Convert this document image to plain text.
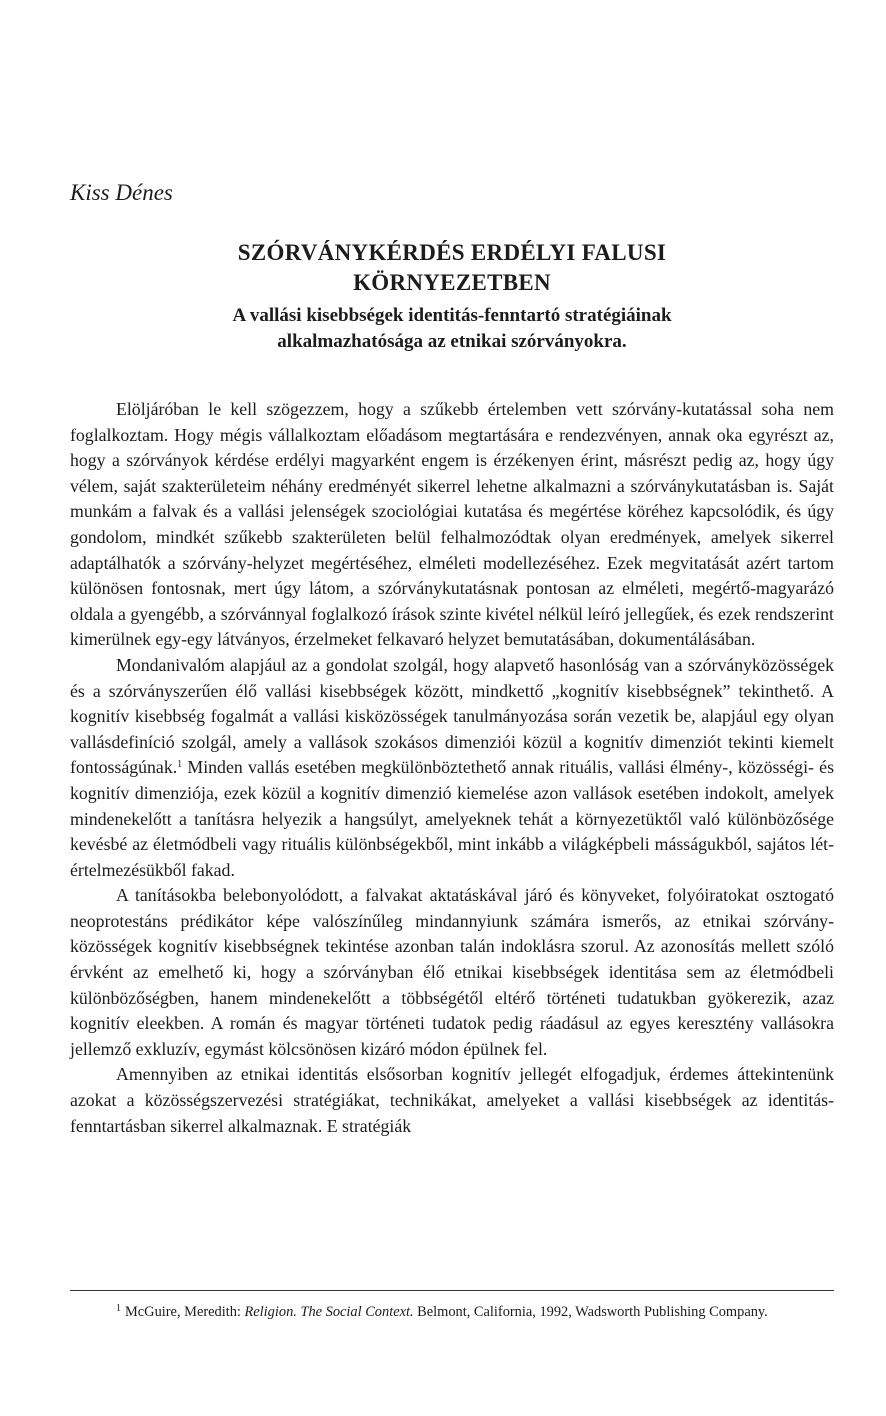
Kiss Dénes

SZÓRVÁNYKÉRDÉS ERDÉLYI FALUSI
KÖRNYEZETBEN
A vallási kisebbségek identitás-fenntartó stratégiáinak
alkalmazhatósága az etnikai szórványokra.

Elöljáróban le kell szögezzem, hogy a szűkebb értelemben vett szórvány-kutatással soha nem foglalkoztam. Hogy mégis vállalkoztam előadásom megtartására e rendezvényen, annak oka egyrészt az, hogy a szórványok kérdése erdélyi magyarként engem is érzékenyen érint, másrészt pedig az, hogy úgy vélem, saját szakterületeim néhány eredményét sikerrel lehetne alkalmazni a szórványkutatásban is. Saját munkám a falvak és a vallási jelenségek szociológiai kutatása és megértése köréhez kapcsolódik, és úgy gondolom, mindkét szűkebb szakterületen belül felhalmozódtak olyan eredmények, amelyek sikerrel adaptálhatók a szórvány-helyzet megértéséhez, elméleti modellezéséhez. Ezek megvitatását azért tartom különösen fontosnak, mert úgy látom, a szórványkutatásnak pontosan az elméleti, megértő-magyarázó oldala a gyengébb, a szórvánnyal foglalkozó írások szinte kivétel nélkül leíró jellegűek, és ezek rendszerint kimerülnek egy-egy látványos, érzelmeket felkavaró helyzet bemutatásában, dokumentálásában.

Mondanivalóm alapjául az a gondolat szolgál, hogy alapvető hasonlóság van a szórványközösségek és a szórványszerűen élő vallási kisebbségek között, mindkettő „kognitív kisebbségnek” tekinthető. A kognitív kisebbség fogalmát a vallási kisközösségek tanulmányozása során vezetik be, alapjául egy olyan vallásdefiníció szolgál, amely a vallások szokásos dimenziói közül a kognitív dimenziót tekinti kiemelt fontosságúnak.$^1$ Minden vallás esetében megkülönböztethető annak rituális, vallási élmény-, közösségi- és kognitív dimenziója, ezek közül a kognitív dimenzió kiemelése azon vallások esetében indokolt, amelyek mindenekelőtt a tanításra helyezik a hangsúlyt, amelyeknek tehát a környezetüktől való különbözősége kevésbé az életmódbeli vagy rituális különbségekből, mint inkább a világképbeli másságukból, sajátos lét-értelmezésükből fakad.

A tanításokba belebonyolódott, a falvakat aktatáskával járó és könyveket, folyóiratokat osztogató neoprotestáns prédikátor képe valószínűleg mindannyiunk számára ismerős, az etnikai szórvány-közösségek kognitív kisebbségnek tekintése azonban talán indoklásra szorul. Az azonosítás mellett szóló érvként az emelhető ki, hogy a szórványban élő etnikai kisebbségek identitása sem az életmódbeli különbözőségben, hanem mindenekelőtt a többségétől eltérő történeti tudatukban gyökerezik, azaz kognitív eleekben. A román és magyar történeti tudatok pedig ráadásul az egyes keresztény vallásokra jellemző exkluzív, egymást kölcsönösen kizáró módon épülnek fel.

Amennyiben az etnikai identitás elsősorban kognitív jellegét elfogadjuk, érdemes áttekintenünk azokat a közösségszervezési stratégiákat, technikákat, amelyeket a vallási kisebbségek az identitás-fenntartásban sikerrel alkalmaznak. E stratégiák

$^1$ McGuire, Meredith: Religion. The Social Context. Belmont, California, 1992, Wadsworth Publishing Company.
